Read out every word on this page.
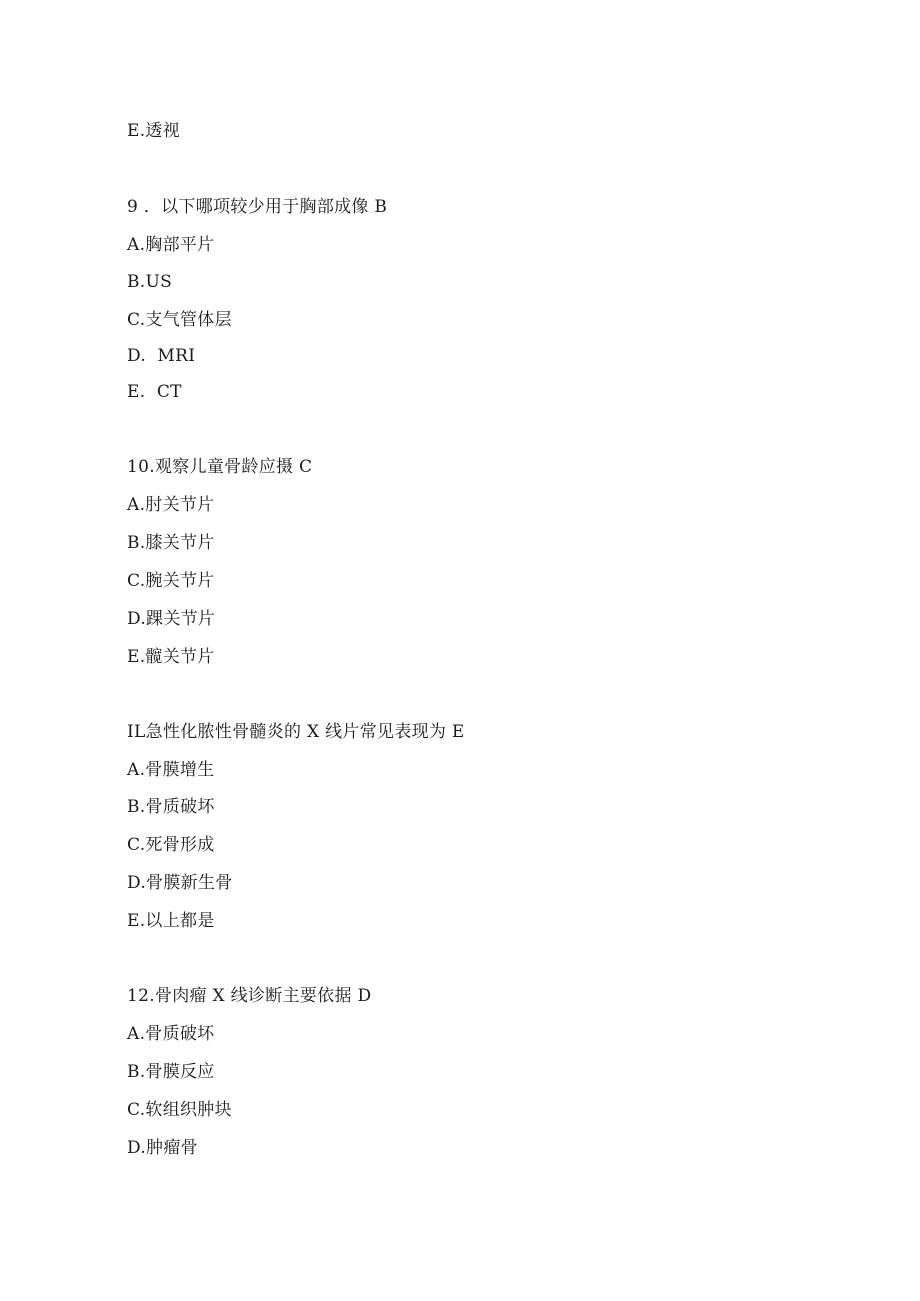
E.透视
9 ．以下哪项较少用于胸部成像 B
A.胸部平片
B.US
C.支气管体层
D.  MRI
E.  CT
10.观察儿童骨龄应摄 C
A.肘关节片
B.膝关节片
C.腕关节片
D.踝关节片
E.髋关节片
IL急性化脓性骨髓炎的 X 线片常见表现为 E
A.骨膜增生
B.骨质破坏
C.死骨形成
D.骨膜新生骨
E.以上都是
12.骨肉瘤 X 线诊断主要依据 D
A.骨质破坏
B.骨膜反应
C.软组织肿块
D.肿瘤骨
